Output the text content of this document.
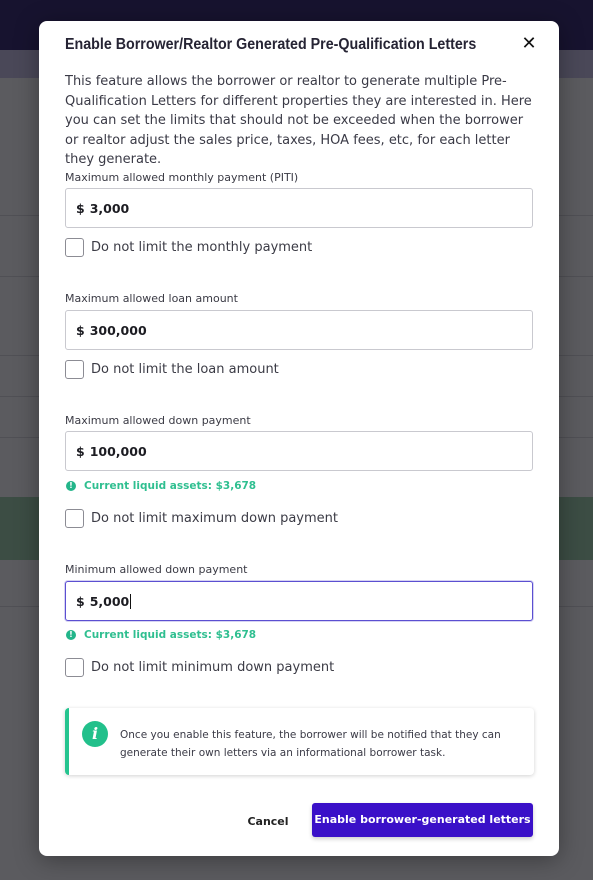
Enable Borrower/Realtor Generated Pre-Qualification Letters	✕
This feature allows the borrower or realtor to generate multiple Pre-Qualification Letters for different properties they are interested in. Here you can set the limits that should not be exceeded when the borrower or realtor adjust the sales price, taxes, HOA fees, etc, for each letter they generate.
Maximum allowed monthly payment (PITI)
$ 3,000
Do not limit the monthly payment
Maximum allowed loan amount
$ 300,000
Do not limit the loan amount
Maximum allowed down payment
$ 100,000
!	Current liquid assets: $3,678
Do not limit maximum down payment
Minimum allowed down payment
$ 5,000
!	Current liquid assets: $3,678
Do not limit minimum down payment
i	Once you enable this feature, the borrower will be notified that they can generate their own letters via an informational borrower task.
Cancel	Enable borrower-generated letters
